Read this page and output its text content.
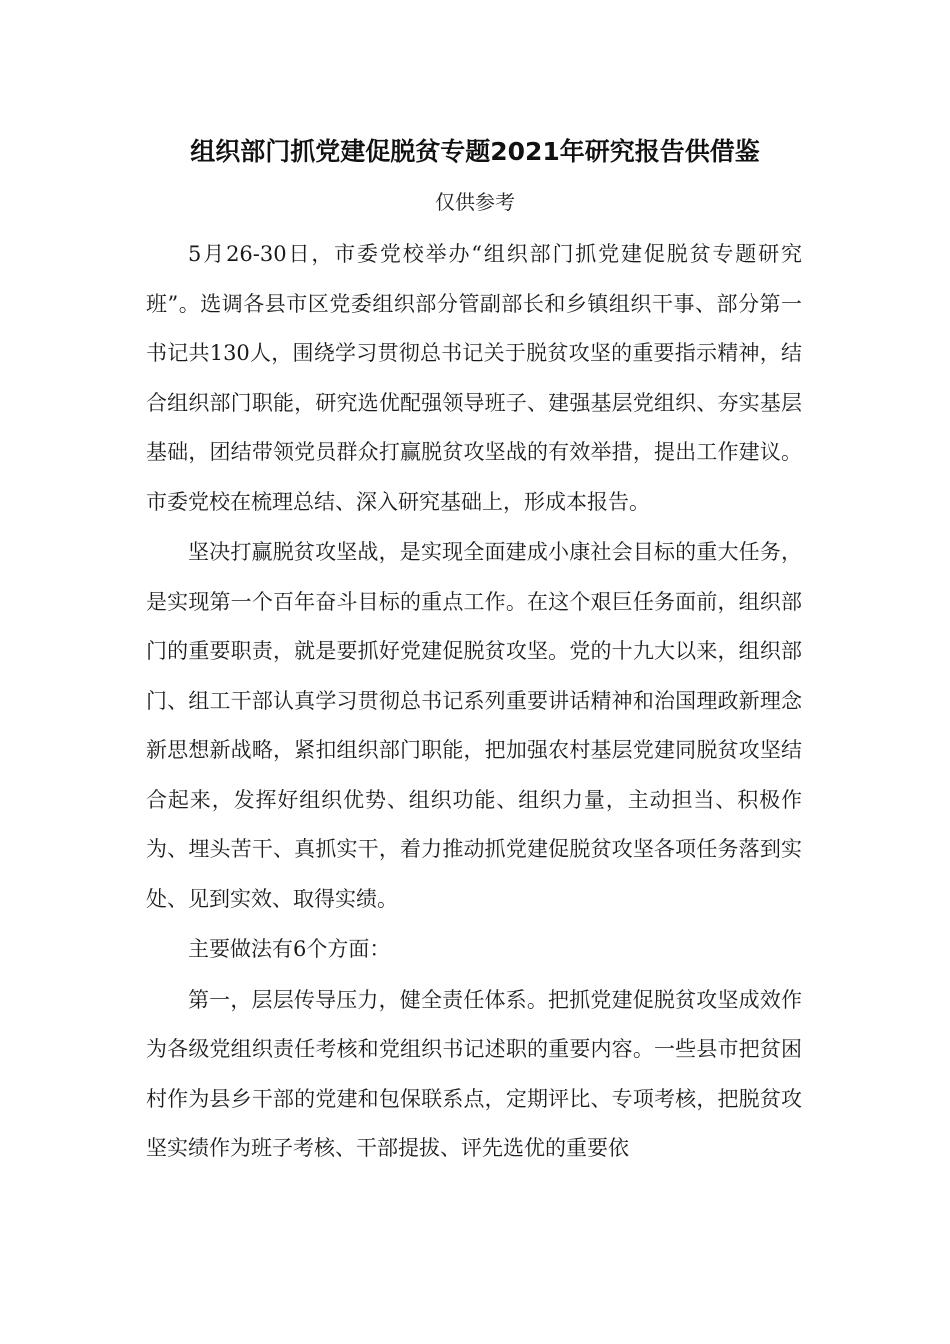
组织部门抓党建促脱贫专题2021年研究报告供借鉴
仅供参考

5月26-30日，市委党校举办“组织部门抓党建促脱贫专题研究班”。选调各县市区党委组织部分管副部长和乡镇组织干事、部分第一书记共130人，围绕学习贯彻总书记关于脱贫攻坚的重要指示精神，结合组织部门职能，研究选优配强领导班子、建强基层党组织、夯实基层基础，团结带领党员群众打赢脱贫攻坚战的有效举措，提出工作建议。市委党校在梳理总结、深入研究基础上，形成本报告。

坚决打赢脱贫攻坚战，是实现全面建成小康社会目标的重大任务，是实现第一个百年奋斗目标的重点工作。在这个艰巨任务面前，组织部门的重要职责，就是要抓好党建促脱贫攻坚。党的十九大以来，组织部门、组工干部认真学习贯彻总书记系列重要讲话精神和治国理政新理念新思想新战略，紧扣组织部门职能，把加强农村基层党建同脱贫攻坚结合起来，发挥好组织优势、组织功能、组织力量，主动担当、积极作为、埋头苦干、真抓实干，着力推动抓党建促脱贫攻坚各项任务落到实处、见到实效、取得实绩。

主要做法有6个方面：

第一，层层传导压力，健全责任体系。把抓党建促脱贫攻坚成效作为各级党组织责任考核和党组织书记述职的重要内容。一些县市把贫困村作为县乡干部的党建和包保联系点，定期评比、专项考核，把脱贫攻坚实绩作为班子考核、干部提拔、评先选优的重要依
